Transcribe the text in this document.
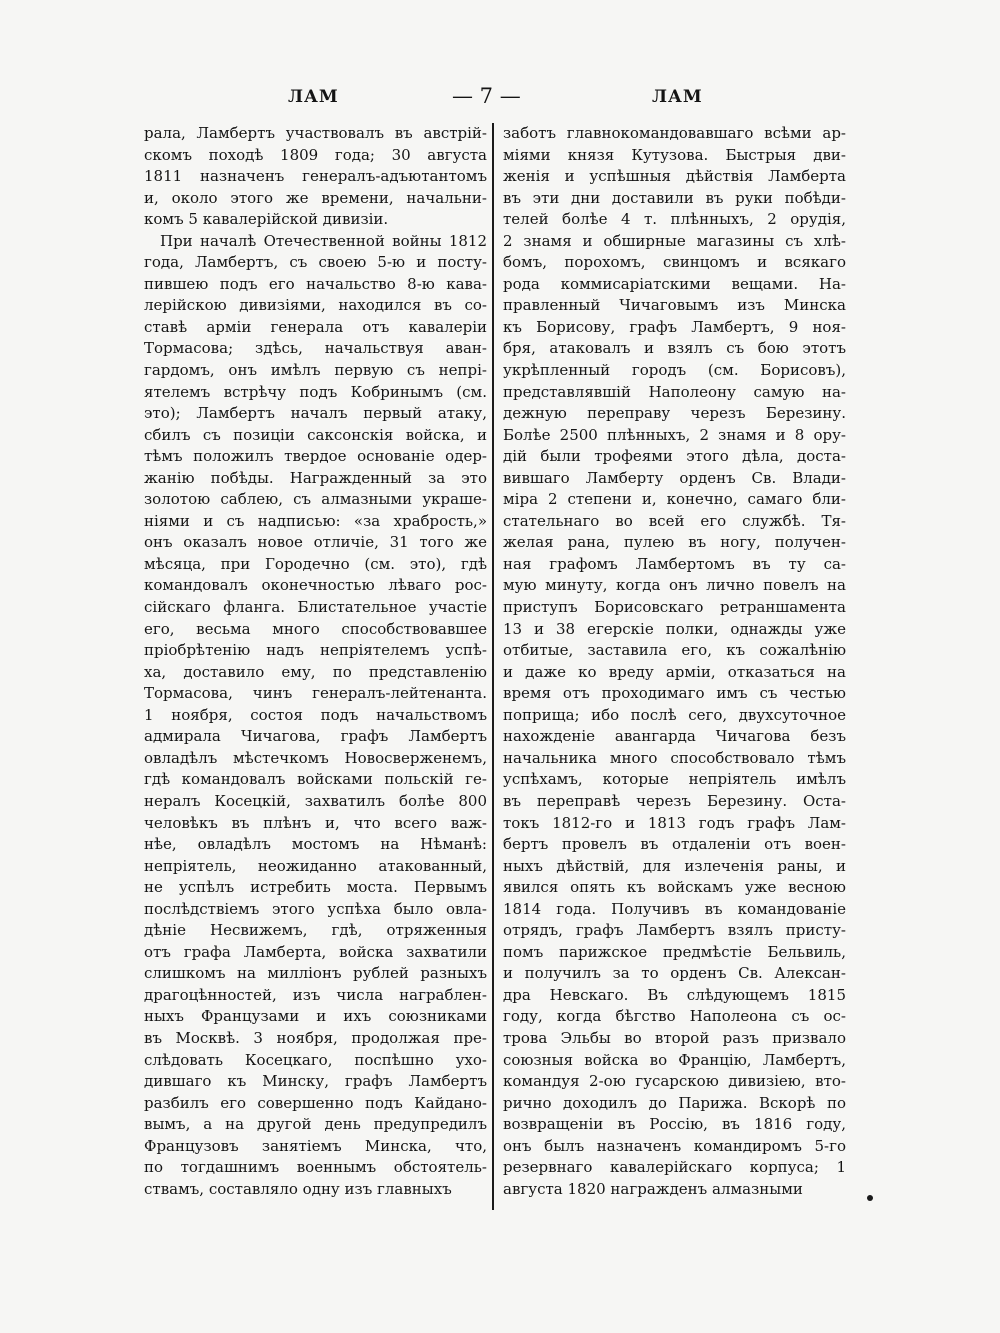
ЛАМ	— 7 —	ЛАМ
рала, Ламбертъ участвовалъ въ австрій-
скомъ походѣ 1809 года; 30 августа
1811 назначенъ генералъ-адъютантомъ
и, около этого же времени, начальни-
комъ 5 кавалерійской дивизіи.
При началѣ Отечественной войны 1812
года, Ламбертъ, съ своею 5-ю и посту-
пившею подъ его начальство 8-ю кава-
лерійскою дивизіями, находился въ со-
ставѣ арміи генерала отъ кавалеріи
Тормасова; здѣсь, начальствуя аван-
гардомъ, онъ имѣлъ первую съ непрі-
ятелемъ встрѣчу подъ Кобринымъ (см.
это); Ламбертъ началъ первый атаку,
сбилъ съ позиціи саксонскія войска, и
тѣмъ положилъ твердое основаніе одер-
жанію побѣды. Награжденный за это
золотою саблею, съ алмазными украше-
ніями и съ надписью: «за храбрость,»
онъ оказалъ новое отличіе, 31 того же
мѣсяца, при Городечно (см. это), гдѣ
командовалъ оконечностью лѣваго рос-
сійскаго фланга. Блистательное участіе
его, весьма много способствовавшее
пріобрѣтенію надъ непріятелемъ успѣ-
ха, доставило ему, по представленію
Тормасова, чинъ генералъ-лейтенанта.
1 ноября, состоя подъ начальствомъ
адмирала Чичагова, графъ Ламбертъ
овладѣлъ мѣстечкомъ Новосверженемъ,
гдѣ командовалъ войсками польскій ге-
нералъ Косецкій, захватилъ болѣе 800
человѣкъ въ плѣнъ и, что всего важ-
нѣе, овладѣлъ мостомъ на Нѣманѣ:
непріятель, неожиданно атакованный,
не успѣлъ истребить моста. Первымъ
послѣдствіемъ этого успѣха было овла-
дѣніе Несвижемъ, гдѣ, отряженныя
отъ графа Ламберта, войска захватили
слишкомъ на милліонъ рублей разныхъ
драгоцѣнностей, изъ числа награблен-
ныхъ Французами и ихъ союзниками
въ Москвѣ. 3 ноября, продолжая пре-
слѣдовать Косецкаго, поспѣшно ухо-
дившаго къ Минску, графъ Ламбертъ
разбилъ его совершенно подъ Кайдано-
вымъ, а на другой день предупредилъ
Французовъ занятіемъ Минска, что,
по тогдашнимъ военнымъ обстоятель-
ствамъ, составляло одну изъ главныхъ
заботъ главнокомандовавшаго всѣми ар-
міями князя Кутузова. Быстрыя дви-
женія и успѣшныя дѣйствія Ламберта
въ эти дни доставили въ руки побѣди-
телей болѣе 4 т. плѣнныхъ, 2 орудія,
2 знамя и обширные магазины съ хлѣ-
бомъ, порохомъ, свинцомъ и всякаго
рода коммисаріатскими вещами. На-
правленный Чичаговымъ изъ Минска
къ Борисову, графъ Ламбертъ, 9 ноя-
бря, атаковалъ и взялъ съ бою этотъ
укрѣпленный городъ (см. Борисовъ),
представлявшій Наполеону самую на-
дежную переправу черезъ Березину.
Болѣе 2500 плѣнныхъ, 2 знамя и 8 ору-
дій были трофеями этого дѣла, доста-
вившаго Ламберту орденъ Св. Влади-
міра 2 степени и, конечно, самаго бли-
стательнаго во всей его службѣ. Тя-
желая рана, пулею въ ногу, получен-
ная графомъ Ламбертомъ въ ту са-
мую минуту, когда онъ лично повелъ на
приступъ Борисовскаго ретраншамента
13 и 38 егерскіе полки, однажды уже
отбитые, заставила его, къ сожалѣнію
и даже ко вреду арміи, отказаться на
время отъ проходимаго имъ съ честью
поприща; ибо послѣ сего, двухсуточное
нахожденіе авангарда Чичагова безъ
начальника много способствовало тѣмъ
успѣхамъ, которые непріятель имѣлъ
въ переправѣ черезъ Березину. Оста-
токъ 1812-го и 1813 годъ графъ Лам-
бертъ провелъ въ отдаленіи отъ воен-
ныхъ дѣйствій, для излеченія раны, и
явился опять къ войскамъ уже весною
1814 года. Получивъ въ командованіе
отрядъ, графъ Ламбертъ взялъ присту-
помъ парижское предмѣстіе Бельвиль,
и получилъ за то орденъ Св. Алексан-
дра Невскаго. Въ слѣдующемъ 1815
году, когда бѣгство Наполеона съ ос-
трова Эльбы во второй разъ призвало
союзныя войска во Францію, Ламбертъ,
командуя 2-ою гусарскою дивизіею, вто-
рично доходилъ до Парижа. Вскорѣ по
возвращеніи въ Россію, въ 1816 году,
онъ былъ назначенъ командиромъ 5-го
резервнаго кавалерійскаго корпуса; 1
августа 1820 награжденъ алмазными
